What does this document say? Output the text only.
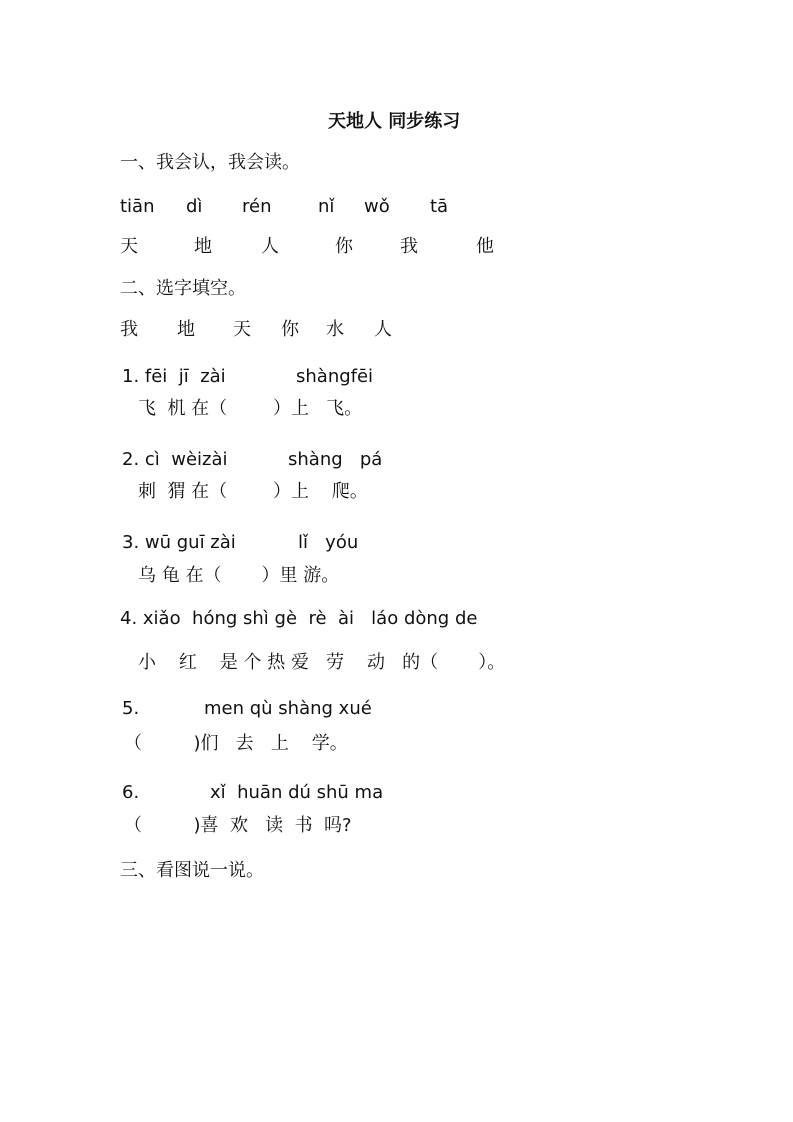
天地人 同步练习
一、我会认，我会读。
tiān dì rén	nǐ wǒ tā
天	地	人	你	我	他
二、选字填空。
我 地 天 你 水 人
1. fēi  jī  zài	shàngfēi
飞  机 在（        ）上   飞。
2. cì  wèizài	shàng   pá
刺  猬 在（        ）上    爬。
3. wū guī zài	lǐ   yóu
乌 龟 在（       ）里 游。
4. xiǎo  hóng shì gè  rè  ài   láo dòng de
小    红    是 个 热 爱   劳    动   的（       ）。
5.	men qù shàng xué
（         )们   去   上    学。
6.	xǐ  huān dú shū ma
（         )喜  欢   读  书  吗?
三、看图说一说。
